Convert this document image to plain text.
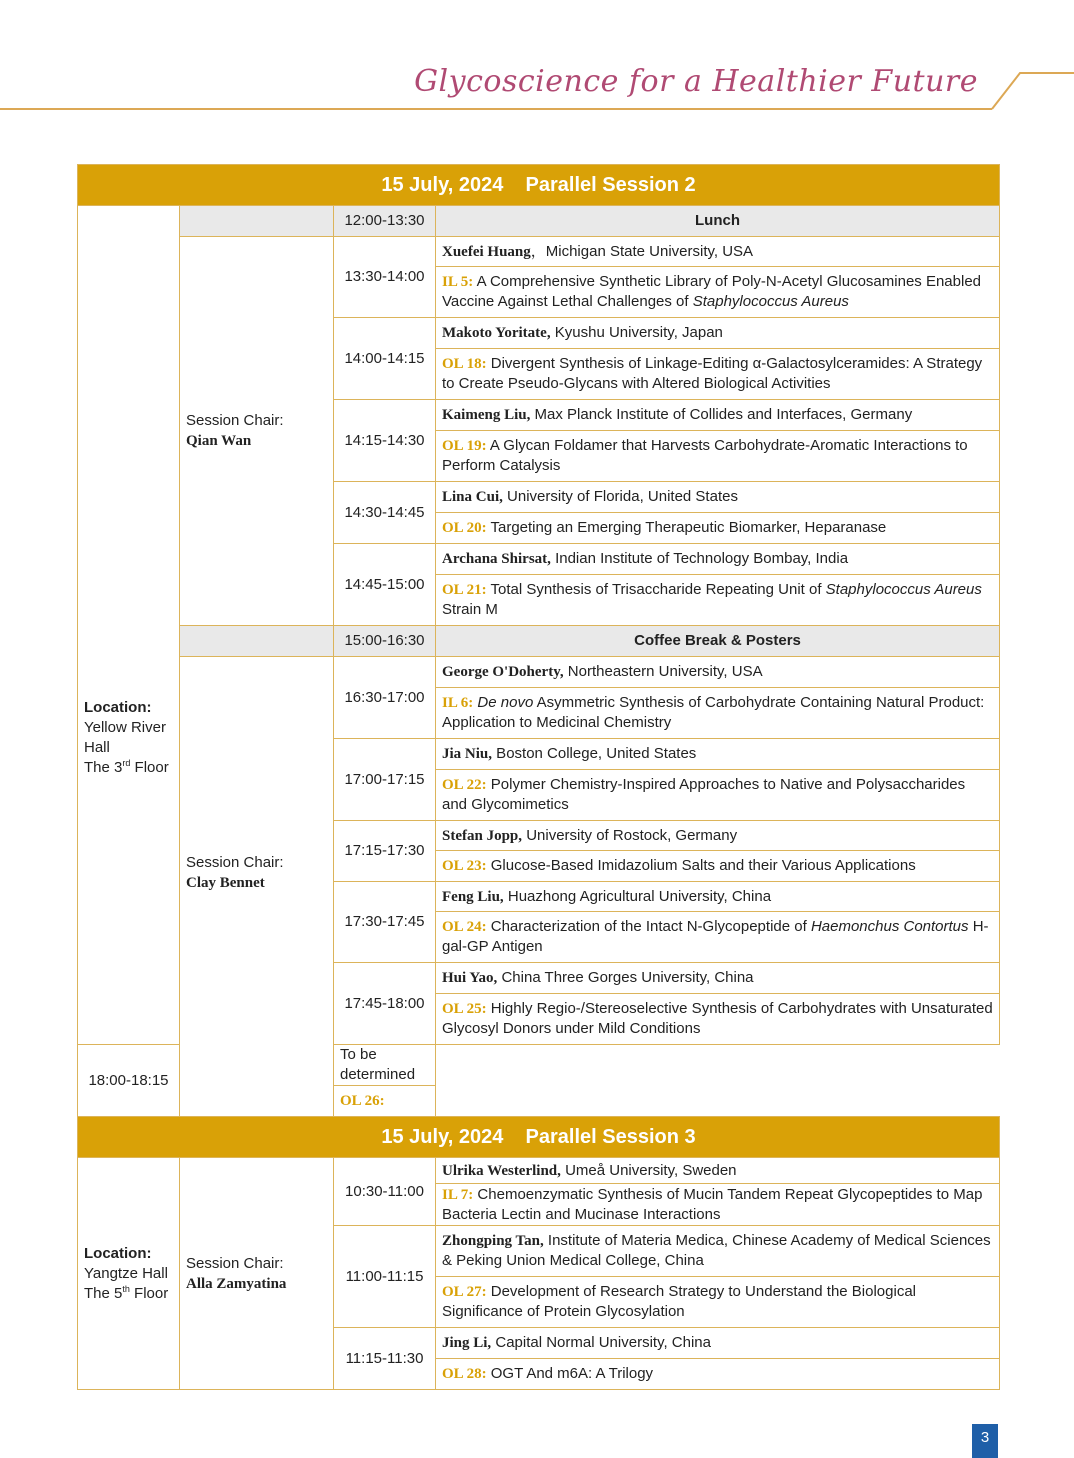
Glycoscience for a Healthier Future
15 July, 2024    Parallel Session 2			

Location:
Yellow River
Hall
The 3rd Floor		12:00-13:30	Lunch
	Session Chair:
Qian Wan	13:30-14:00	Xuefei Huang，Michigan State University, USA
			IL 5: A Comprehensive Synthetic Library of Poly-N-Acetyl Glucosamines Enabled Vaccine Against Lethal Challenges of Staphylococcus Aureus
		14:00-14:15	Makoto Yoritate, Kyushu University, Japan
			OL 18: Divergent Synthesis of Linkage-Editing α-Galactosylceramides: A Strategy to Create Pseudo-Glycans with Altered Biological Activities
		14:15-14:30	Kaimeng Liu, Max Planck Institute of Collides and Interfaces, Germany
			OL 19: A Glycan Foldamer that Harvests Carbohydrate-Aromatic Interactions to Perform Catalysis
		14:30-14:45	Lina Cui, University of Florida, United States
			OL 20: Targeting an Emerging Therapeutic Biomarker, Heparanase
		14:45-15:00	Archana Shirsat, Indian Institute of Technology Bombay, India
			OL 21: Total Synthesis of Trisaccharide Repeating Unit of Staphylococcus Aureus Strain M
		15:00-16:30	Coffee Break & Posters

	Session Chair:
Clay Bennet	16:30-17:00	George O'Doherty, Northeastern University, USA
			IL 6: De novo Asymmetric Synthesis of Carbohydrate Containing Natural Product: Application to Medicinal Chemistry
		17:00-17:15	Jia Niu, Boston College, United States
			OL 22: Polymer Chemistry-Inspired Approaches to Native and Polysaccharides and Glycomimetics
		17:15-17:30	Stefan Jopp, University of Rostock, Germany
			OL 23: Glucose-Based Imidazolium Salts and their Various Applications
		17:30-17:45	Feng Liu, Huazhong Agricultural University, China
			OL 24: Characterization of the Intact N-Glycopeptide of Haemonchus Contortus H-gal-GP Antigen
		17:45-18:00	Hui Yao, China Three Gorges University, China
			OL 25: Highly Regio-/Stereoselective Synthesis of Carbohydrates with Unsaturated Glycosyl Donors under Mild Conditions
18:00-18:15		To be determined	
		OL 26:	
15 July, 2024    Parallel Session 3			
Location:
Yangtze Hall
The 5th Floor	Session Chair:
Alla Zamyatina	10:30-11:00	Ulrika Westerlind, Umeå University, Sweden
			IL 7: Chemoenzymatic Synthesis of Mucin Tandem Repeat Glycopeptides to Map Bacteria Lectin and Mucinase Interactions
		11:00-11:15	Zhongping Tan, Institute of Materia Medica, Chinese Academy of Medical Sciences & Peking Union Medical College, China
			OL 27: Development of Research Strategy to Understand the Biological Significance of Protein Glycosylation
		11:15-11:30	Jing Li, Capital Normal University, China
			OL 28: OGT And m6A: A Trilogy
3
